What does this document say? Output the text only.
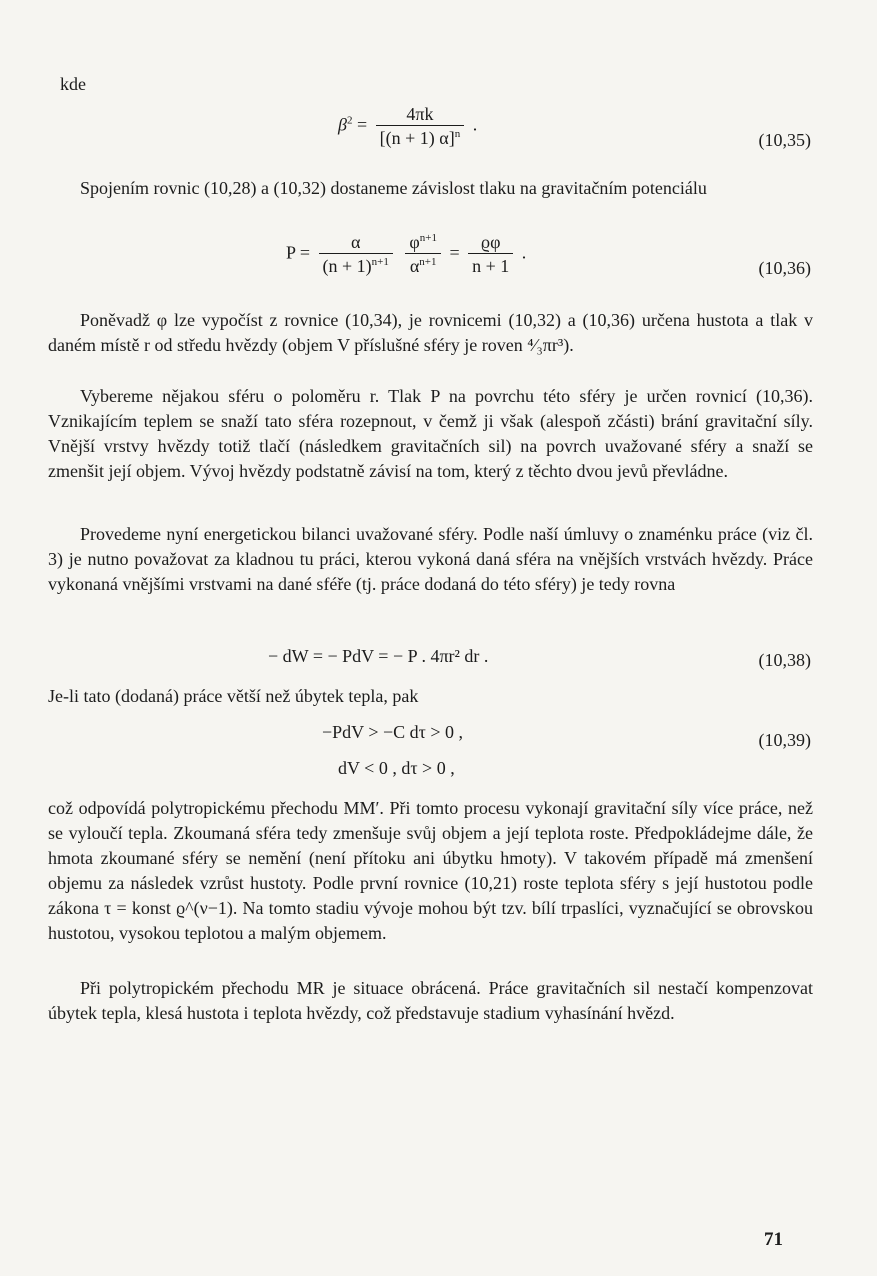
kde
$\beta^2 = \frac{4\pi k}{[(n + 1) \alpha]^n}$ .
(10,35)

Spojením rovnic (10,28) a (10,32) dostaneme závislost tlaku na gravitačním potenciálu

$P = \frac{\alpha}{(n + 1)^{n+1}}$
$\frac{\varphi^{n+1}}{\alpha^{n+1}} = \frac{ϱ\varphi}{n + 1}$ .
(10,36)

Poněvadž φ lze vypočíst z rovnice (10,34), je rovnicemi (10,32) a (10,36) určena hustota a tlak v daném místě r od středu hvězdy (objem V příslušné sféry je roven ⁴⁄₃πr³).

Vybereme nějakou sféru o poloměru r. Tlak P na povrchu této sféry je určen rovnicí (10,36). Vznikajícím teplem se snaží tato sféra rozepnout, v čemž ji však (alespoň zčásti) brání gravitační síly. Vnější vrstvy hvězdy totiž tlačí (následkem gravitačních sil) na povrch uvažované sféry a snaží se zmenšit její objem. Vývoj hvězdy podstatně závisí na tom, který z těchto dvou jevů převládne.

Provedeme nyní energetickou bilanci uvažované sféry. Podle naší úmluvy o znaménku práce (viz čl. 3) je nutno považovat za kladnou tu práci, kterou vykoná daná sféra na vnějších vrstvách hvězdy. Práce vykonaná vnějšími vrstvami na dané sféře (tj. práce dodaná do této sféry) je tedy rovna

− dW = − PdV = − P . 4πr² dr .	(10,38)

Je-li tato (dodaná) práce větší než úbytek tepla, pak

−PdV > −C dτ > 0 ,
dV < 0 , dτ > 0 ,
(10,39)

což odpovídá polytropickému přechodu MM′. Při tomto procesu vykonají gravitační síly více práce, než se vyloučí tepla. Zkoumaná sféra tedy zmenšuje svůj objem a její teplota roste. Předpokládejme dále, že hmota zkoumané sféry se nemění (není přítoku ani úbytku hmoty). V takovém případě má zmenšení objemu za následek vzrůst hustoty. Podle první rovnice (10,21) roste teplota sféry s její hustotou podle zákona τ = konst ϱ^(ν−1). Na tomto stadiu vývoje mohou být tzv. bílí trpaslíci, vyznačující se obrovskou hustotou, vysokou teplotou a malým objemem.

Při polytropickém přechodu MR je situace obrácená. Práce gravitačních sil nestačí kompenzovat úbytek tepla, klesá hustota i teplota hvězdy, což představuje stadium vyhasínání hvězd.

71
